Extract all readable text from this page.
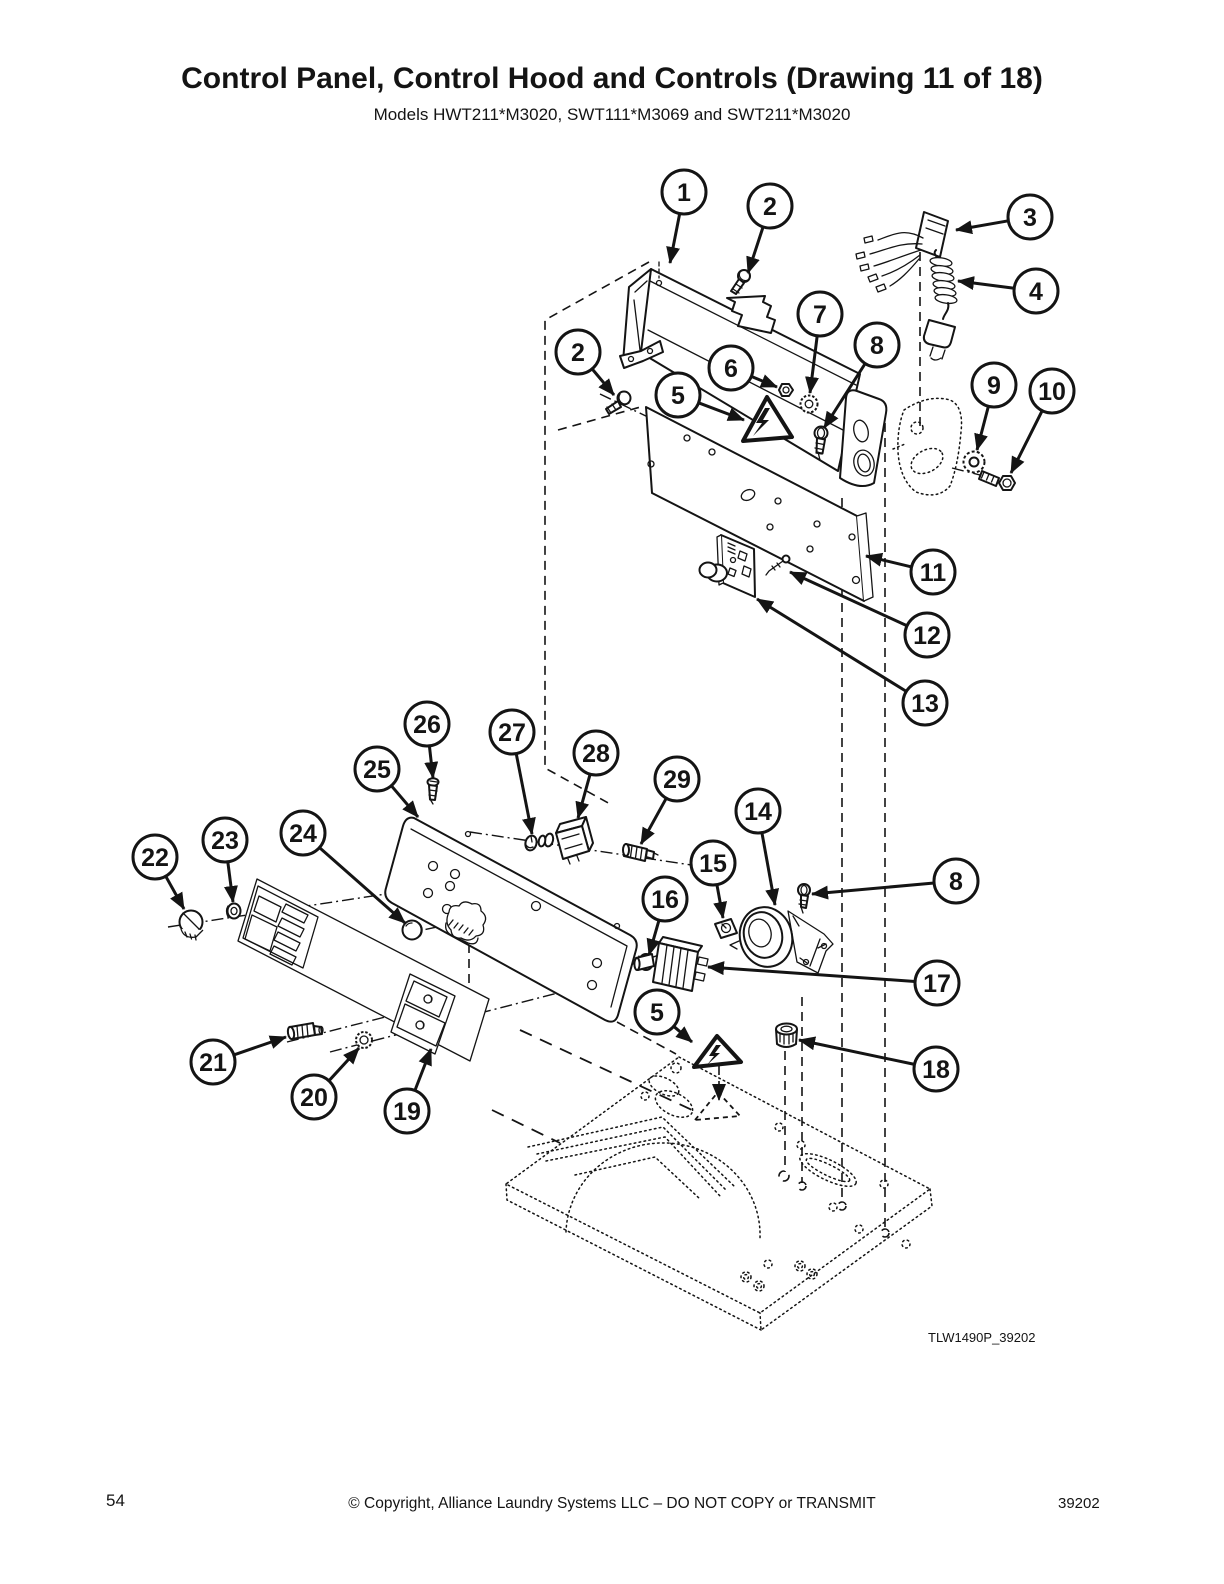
Control Panel, Control Hood and Controls (Drawing 11 of 18)
Models HWT211*M3020, SWT111*M3069 and SWT211*M3020
1	2	3
4
2
5
6
7
8
9 10
11
12
13
26 27
28
29
25
14
22
23 24
15
8
16
17
5
18
21
20	19
TLW1490P_39202
54	© Copyright, Alliance Laundry Systems LLC – DO NOT COPY or TRANSMIT	39202
